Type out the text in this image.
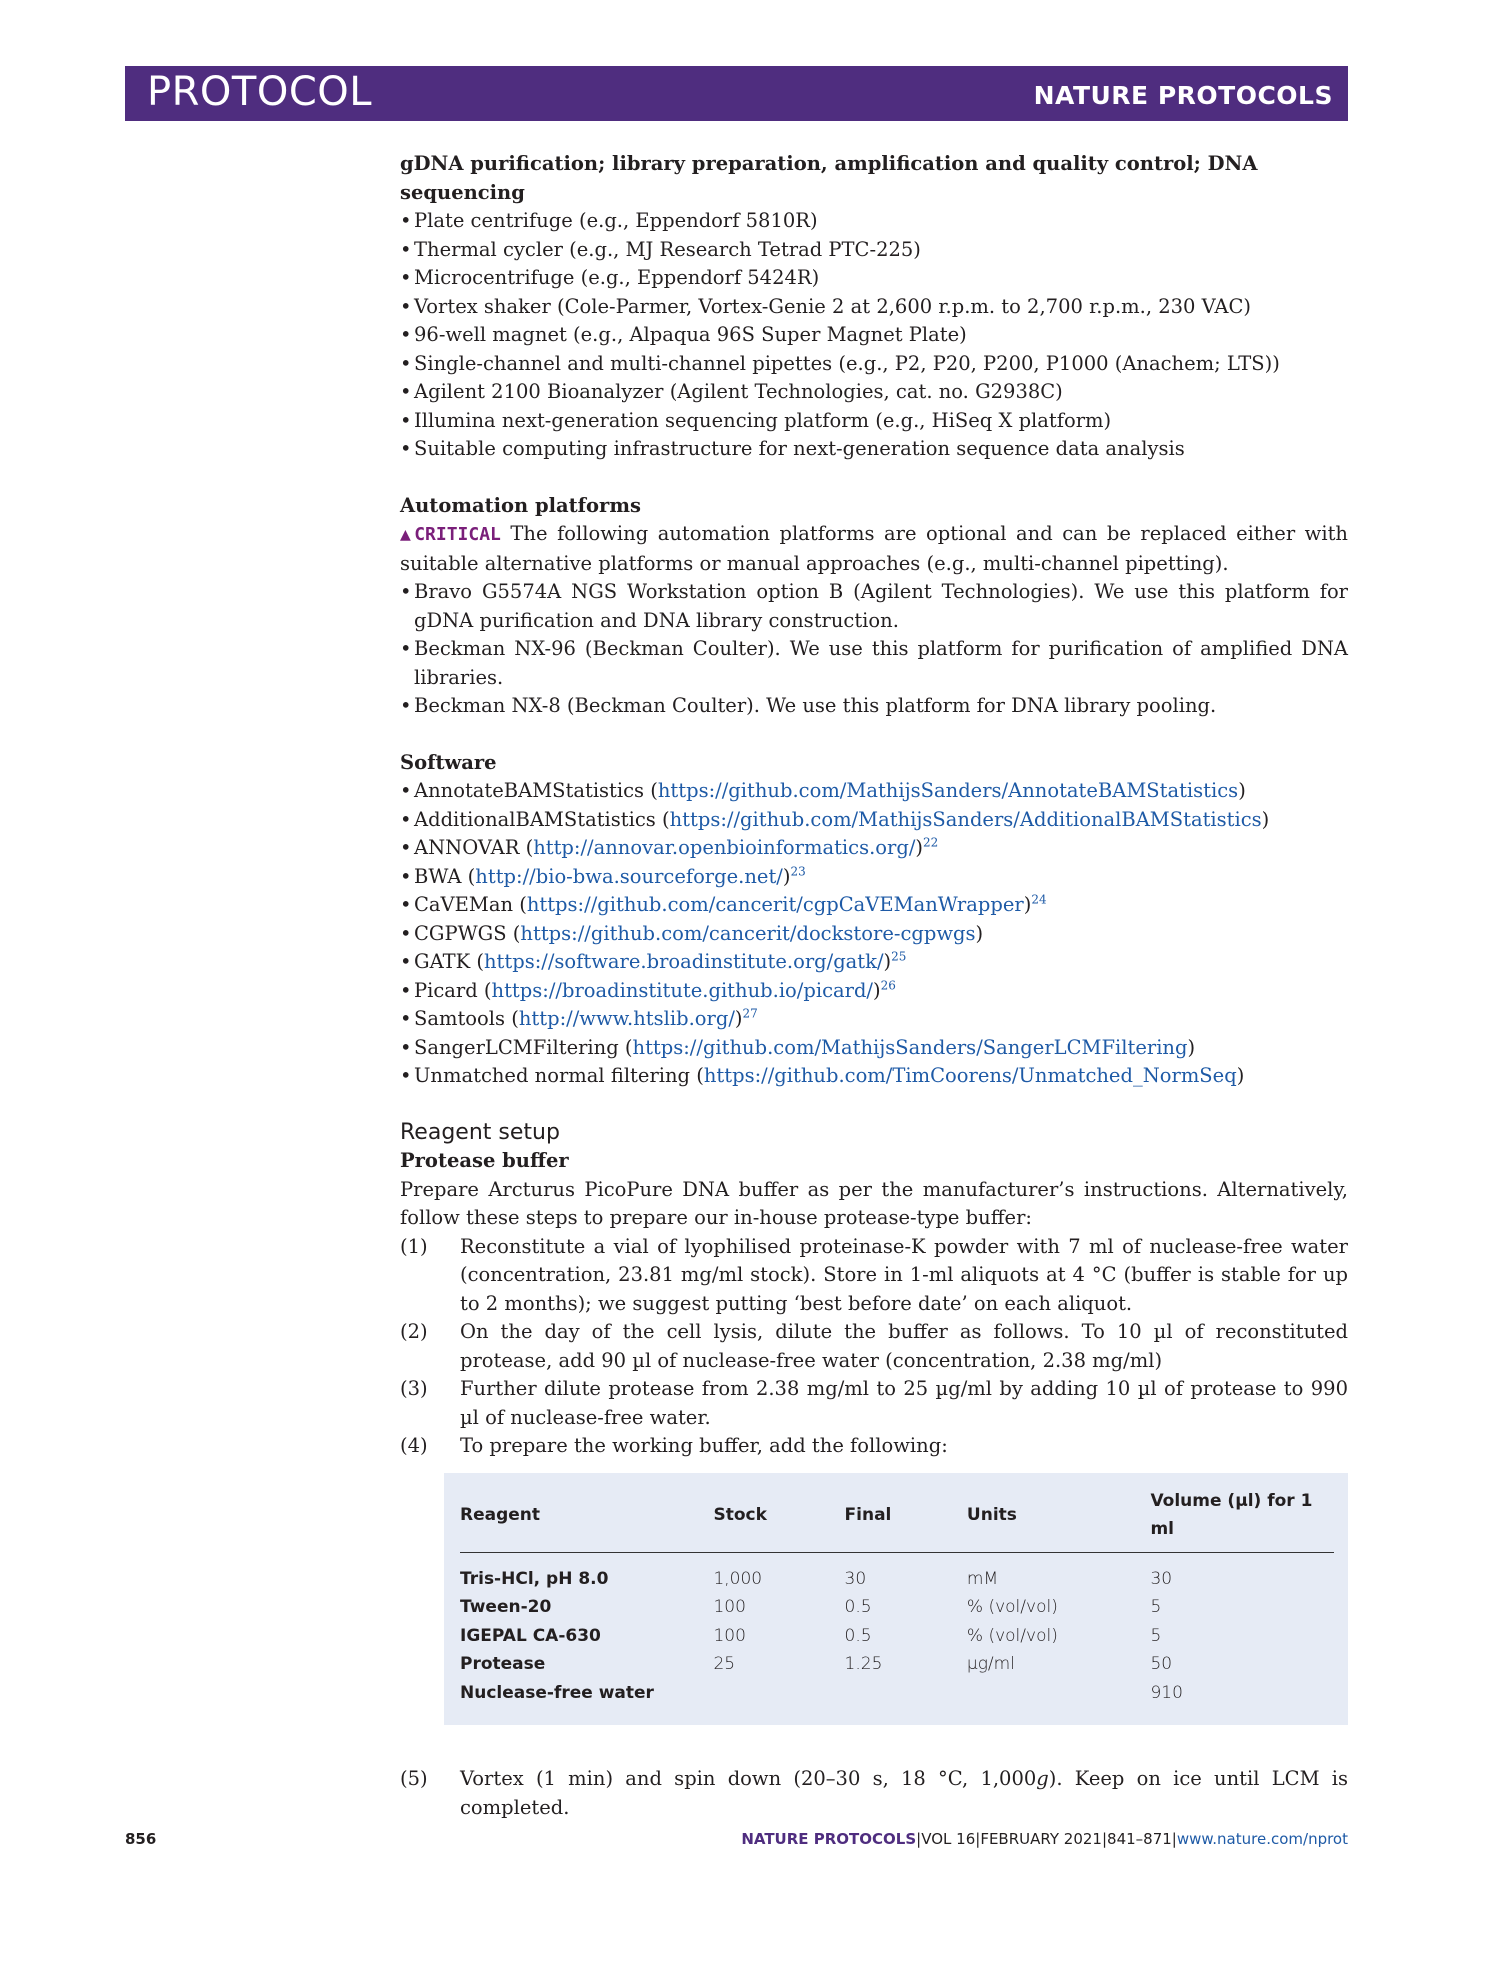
PROTOCOL	NATURE PROTOCOLS
gDNA purification; library preparation, amplification and quality control; DNA sequencing
• Plate centrifuge (e.g., Eppendorf 5810R)
• Thermal cycler (e.g., MJ Research Tetrad PTC-225)
• Microcentrifuge (e.g., Eppendorf 5424R)
• Vortex shaker (Cole-Parmer, Vortex-Genie 2 at 2,600 r.p.m. to 2,700 r.p.m., 230 VAC)
• 96-well magnet (e.g., Alpaqua 96S Super Magnet Plate)
• Single-channel and multi-channel pipettes (e.g., P2, P20, P200, P1000 (Anachem; LTS))
• Agilent 2100 Bioanalyzer (Agilent Technologies, cat. no. G2938C)
• Illumina next-generation sequencing platform (e.g., HiSeq X platform)
• Suitable computing infrastructure for next-generation sequence data analysis
Automation platforms
▲CRITICAL The following automation platforms are optional and can be replaced either with suitable alternative platforms or manual approaches (e.g., multi-channel pipetting).
• Bravo G5574A NGS Workstation option B (Agilent Technologies). We use this platform for gDNA purification and DNA library construction.
• Beckman NX-96 (Beckman Coulter). We use this platform for purification of amplified DNA libraries.
• Beckman NX-8 (Beckman Coulter). We use this platform for DNA library pooling.
Software
• AnnotateBAMStatistics (https://github.com/MathijsSanders/AnnotateBAMStatistics)
• AdditionalBAMStatistics (https://github.com/MathijsSanders/AdditionalBAMStatistics)
• ANNOVAR (http://annovar.openbioinformatics.org/)$^{22}$
• BWA (http://bio-bwa.sourceforge.net/)$^{23}$
• CaVEMan (https://github.com/cancerit/cgpCaVEManWrapper)$^{24}$
• CGPWGS (https://github.com/cancerit/dockstore-cgpwgs)
• GATK (https://software.broadinstitute.org/gatk/)$^{25}$
• Picard (https://broadinstitute.github.io/picard/)$^{26}$
• Samtools (http://www.htslib.org/)$^{27}$
• SangerLCMFiltering (https://github.com/MathijsSanders/SangerLCMFiltering)
• Unmatched normal filtering (https://github.com/TimCoorens/Unmatched_NormSeq)
Reagent setup
Protease buffer
Prepare Arcturus PicoPure DNA buffer as per the manufacturer’s instructions. Alternatively, follow these steps to prepare our in-house protease-type buffer:
(1) Reconstitute a vial of lyophilised proteinase-K powder with 7 ml of nuclease-free water (concentration, 23.81 mg/ml stock). Store in 1-ml aliquots at 4 °C (buffer is stable for up to 2 months); we suggest putting ‘best before date’ on each aliquot.
(2) On the day of the cell lysis, dilute the buffer as follows. To 10 µl of reconstituted protease, add 90 µl of nuclease-free water (concentration, 2.38 mg/ml)
(3) Further dilute protease from 2.38 mg/ml to 25 µg/ml by adding 10 µl of protease to 990 µl of nuclease-free water.
(4) To prepare the working buffer, add the following:
Reagent	Stock	Final	Units	Volume (µl) for 1 ml

Tris-HCl, pH 8.0	1,000	30	mM	30
Tween-20	100	0.5	% (vol/vol)	5
IGEPAL CA-630	100	0.5	% (vol/vol)	5
Protease	25	1.25	µg/ml	50
Nuclease-free water				910
(5) Vortex (1 min) and spin down (20–30 s, 18 °C, 1,000g). Keep on ice until LCM is completed.
856	NATURE PROTOCOLS|VOL 16|FEBRUARY 2021|841–871|www.nature.com/nprot
